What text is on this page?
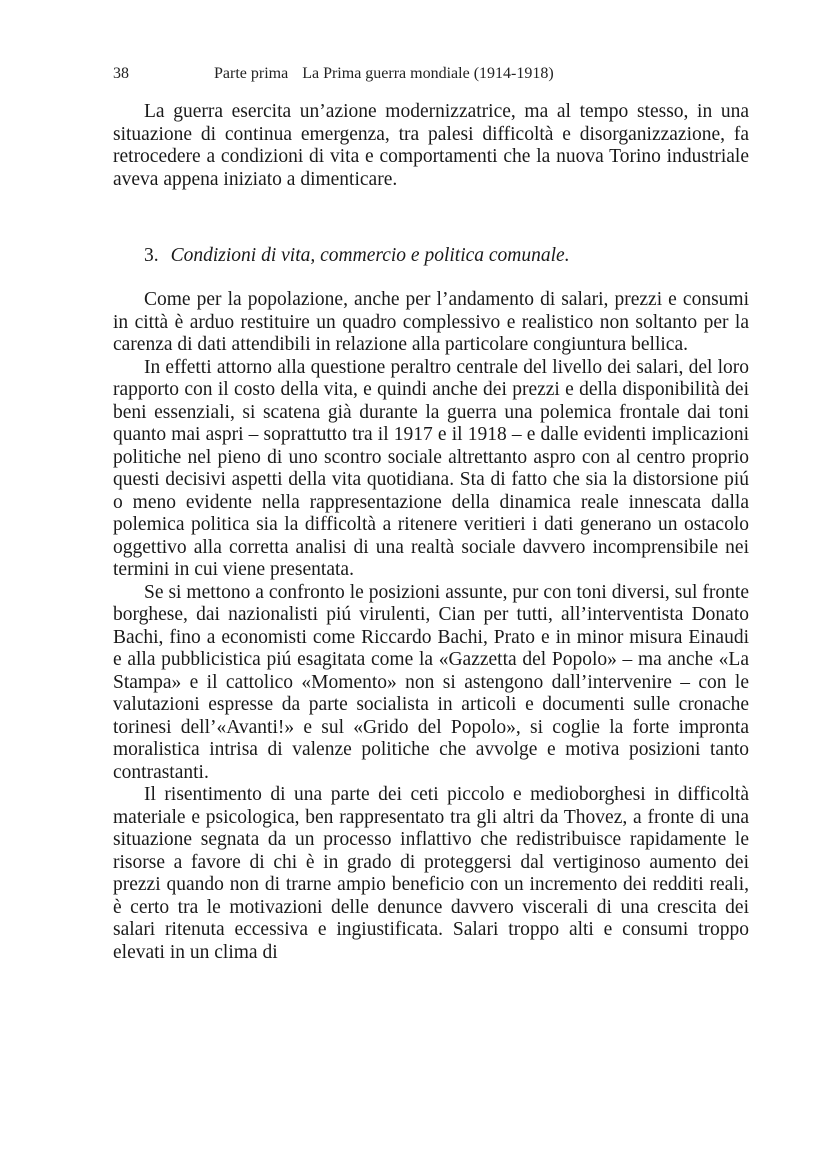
38	Parte prima La Prima guerra mondiale (1914-1918)

La guerra esercita un’azione modernizzatrice, ma al tempo stesso, in una situazione di continua emergenza, tra palesi difficoltà e disorganizzazione, fa retrocedere a condizioni di vita e comportamenti che la nuova Torino industriale aveva appena iniziato a dimenticare.

3. Condizioni di vita, commercio e politica comunale.

Come per la popolazione, anche per l’andamento di salari, prezzi e consumi in città è arduo restituire un quadro complessivo e realistico non soltanto per la carenza di dati attendibili in relazione alla particolare congiuntura bellica.

In effetti attorno alla questione peraltro centrale del livello dei salari, del loro rapporto con il costo della vita, e quindi anche dei prezzi e della disponibilità dei beni essenziali, si scatena già durante la guerra una polemica frontale dai toni quanto mai aspri – soprattutto tra il 1917 e il 1918 – e dalle evidenti implicazioni politiche nel pieno di uno scontro sociale altrettanto aspro con al centro proprio questi decisivi aspetti della vita quotidiana. Sta di fatto che sia la distorsione piú o meno evidente nella rappresentazione della dinamica reale innescata dalla polemica politica sia la difficoltà a ritenere veritieri i dati generano un ostacolo oggettivo alla corretta analisi di una realtà sociale davvero incomprensibile nei termini in cui viene presentata.

Se si mettono a confronto le posizioni assunte, pur con toni diversi, sul fronte borghese, dai nazionalisti piú virulenti, Cian per tutti, all’interventista Donato Bachi, fino a economisti come Riccardo Bachi, Prato e in minor misura Einaudi e alla pubblicistica piú esagitata come la «Gazzetta del Popolo» – ma anche «La Stampa» e il cattolico «Momento» non si astengono dall’intervenire – con le valutazioni espresse da parte socialista in articoli e documenti sulle cronache torinesi dell’«Avanti!» e sul «Grido del Popolo», si coglie la forte impronta moralistica intrisa di valenze politiche che avvolge e motiva posizioni tanto contrastanti.

Il risentimento di una parte dei ceti piccolo e medioborghesi in difficoltà materiale e psicologica, ben rappresentato tra gli altri da Thovez, a fronte di una situazione segnata da un processo inflattivo che redistribuisce rapidamente le risorse a favore di chi è in grado di proteggersi dal vertiginoso aumento dei prezzi quando non di trarne ampio beneficio con un incremento dei redditi reali, è certo tra le motivazioni delle denunce davvero viscerali di una crescita dei salari ritenuta eccessiva e ingiustificata. Salari troppo alti e consumi troppo elevati in un clima di
